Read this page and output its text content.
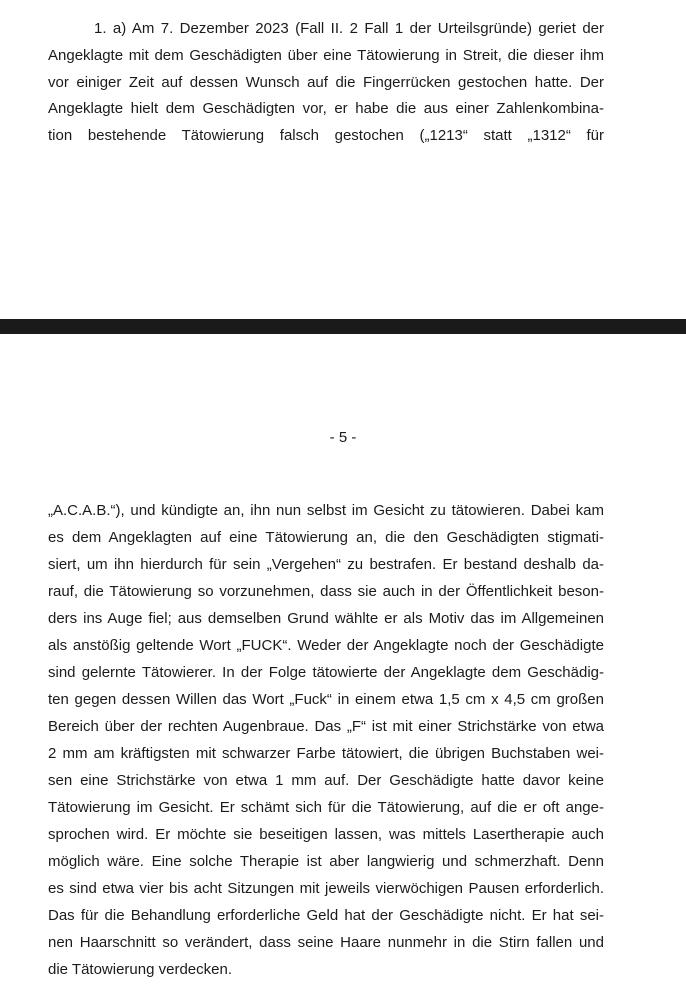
1. a) Am 7. Dezember 2023 (Fall II. 2 Fall 1 der Urteilsgründe) geriet der
Angeklagte mit dem Geschädigten über eine Tätowierung in Streit, die dieser ihm
vor einiger Zeit auf dessen Wunsch auf die Fingerrücken gestochen hatte. Der
Angeklagte hielt dem Geschädigten vor, er habe die aus einer Zahlenkombina-
tion bestehende Tätowierung falsch gestochen („1213“ statt „1312“ für
- 5 -
„A.C.A.B.“), und kündigte an, ihn nun selbst im Gesicht zu tätowieren. Dabei kam
es dem Angeklagten auf eine Tätowierung an, die den Geschädigten stigmati-
siert, um ihn hierdurch für sein „Vergehen“ zu bestrafen. Er bestand deshalb da-
rauf, die Tätowierung so vorzunehmen, dass sie auch in der Öffentlichkeit beson-
ders ins Auge fiel; aus demselben Grund wählte er als Motiv das im Allgemeinen
als anstößig geltende Wort „FUCK“. Weder der Angeklagte noch der Geschädigte
sind gelernte Tätowierer. In der Folge tätowierte der Angeklagte dem Geschädig-
ten gegen dessen Willen das Wort „Fuck“ in einem etwa 1,5 cm x 4,5 cm großen
Bereich über der rechten Augenbraue. Das „F“ ist mit einer Strichstärke von etwa
2 mm am kräftigsten mit schwarzer Farbe tätowiert, die übrigen Buchstaben wei-
sen eine Strichstärke von etwa 1 mm auf. Der Geschädigte hatte davor keine
Tätowierung im Gesicht. Er schämt sich für die Tätowierung, auf die er oft ange-
sprochen wird. Er möchte sie beseitigen lassen, was mittels Lasertherapie auch
möglich wäre. Eine solche Therapie ist aber langwierig und schmerzhaft. Denn
es sind etwa vier bis acht Sitzungen mit jeweils vierwöchigen Pausen erforderlich.
Das für die Behandlung erforderliche Geld hat der Geschädigte nicht. Er hat sei-
nen Haarschnitt so verändert, dass seine Haare nunmehr in die Stirn fallen und
die Tätowierung verdecken.
